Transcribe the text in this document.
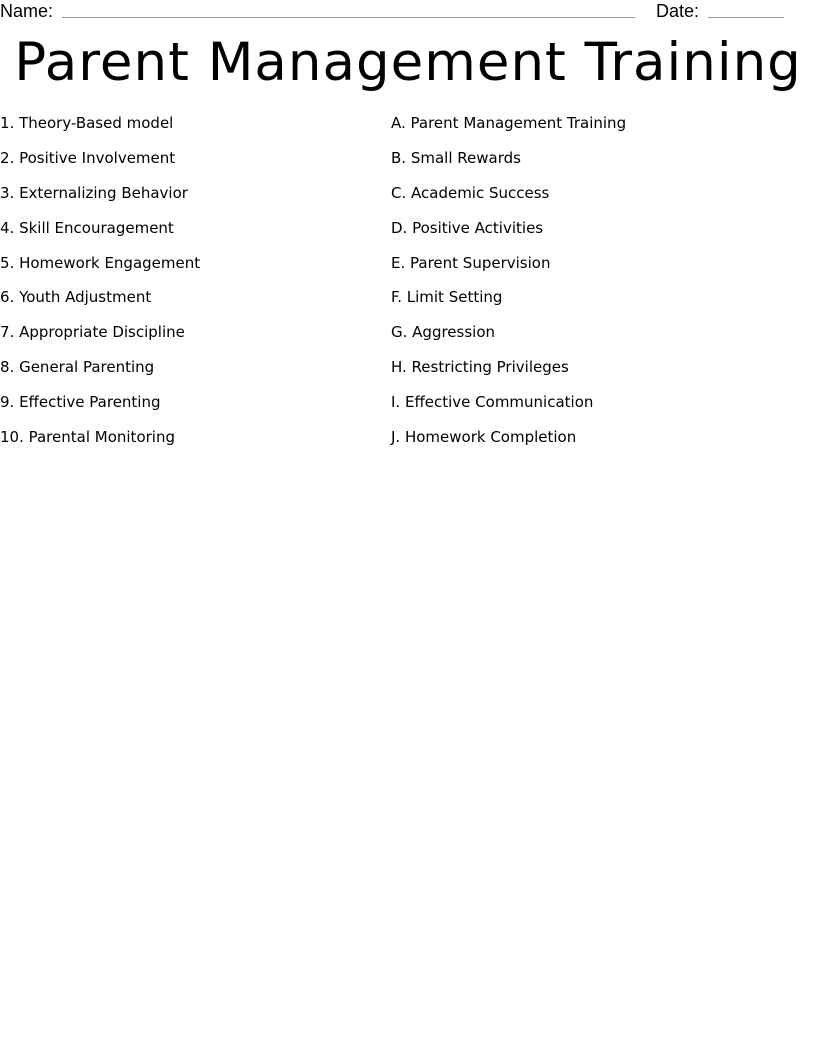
Name:	Date:
Parent Management Training
1. Theory-Based model
2. Positive Involvement
3. Externalizing Behavior
4. Skill Encouragement
5. Homework Engagement
6. Youth Adjustment
7. Appropriate Discipline
8. General Parenting
9. Effective Parenting
10. Parental Monitoring
A. Parent Management Training
B. Small Rewards
C. Academic Success
D. Positive Activities
E. Parent Supervision
F. Limit Setting
G. Aggression
H. Restricting Privileges
I. Effective Communication
J. Homework Completion
